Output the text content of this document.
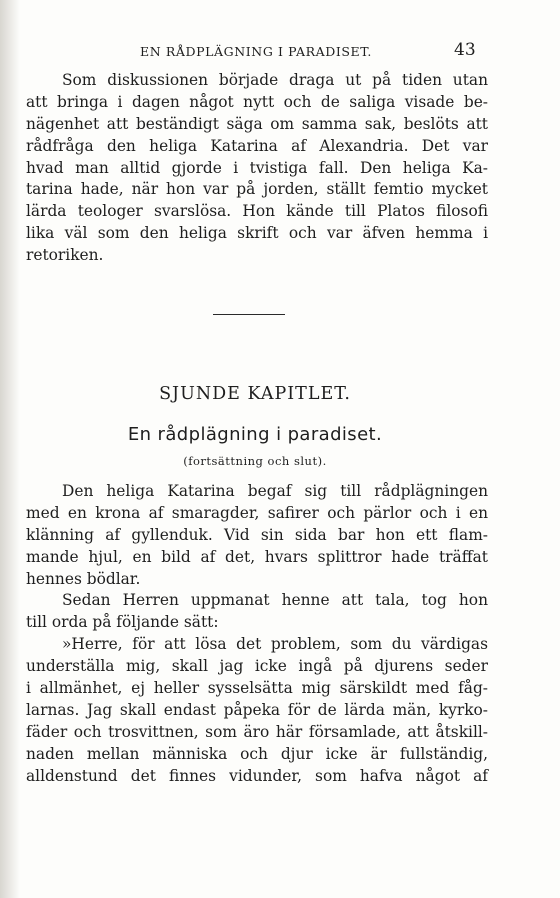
EN RÅDPLÄGNING I PARADISET.	43
Som diskussionen började draga ut på tiden utan
att bringa i dagen något nytt och de saliga visade be-
nägenhet att beständigt säga om samma sak, beslöts att
rådfråga den heliga Katarina af Alexandria. Det var
hvad man alltid gjorde i tvistiga fall. Den heliga Ka-
tarina hade, när hon var på jorden, ställt femtio mycket
lärda teologer svarslösa. Hon kände till Platos filosofi
lika väl som den heliga skrift och var äfven hemma i
retoriken.
SJUNDE KAPITLET.
En rådplägning i paradiset.
(fortsättning och slut).
Den heliga Katarina begaf sig till rådplägningen
med en krona af smaragder, safirer och pärlor och i en
klänning af gyllenduk. Vid sin sida bar hon ett flam-
mande hjul, en bild af det, hvars splittror hade träffat
hennes bödlar.
Sedan Herren uppmanat henne att tala, tog hon
till orda på följande sätt:
»Herre, för att lösa det problem, som du värdigas
underställa mig, skall jag icke ingå på djurens seder
i allmänhet, ej heller sysselsätta mig särskildt med fåg-
larnas. Jag skall endast påpeka för de lärda män, kyrko-
fäder och trosvittnen, som äro här församlade, att åtskill-
naden mellan människa och djur icke är fullständig,
alldenstund det finnes vidunder, som hafva något af
